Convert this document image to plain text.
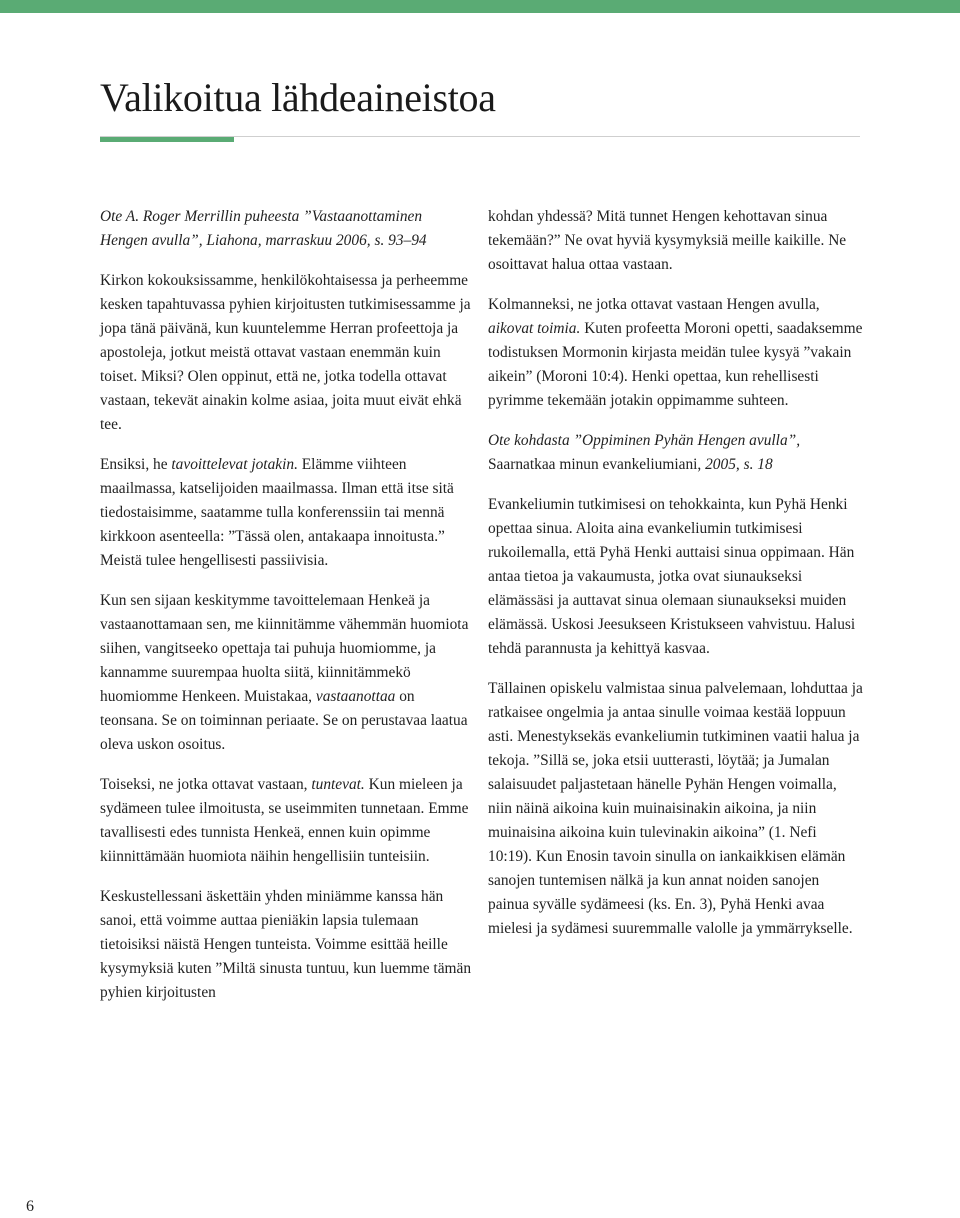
Valikoitua lähdeaineistoa

Ote A. Roger Merrillin puheesta ”Vastaanottaminen Hengen avulla”, Liahona, marraskuu 2006, s. 93–94

Kirkon kokouksissamme, henkilökohtaisessa ja perheemme kesken tapahtuvassa pyhien kirjoitusten tutkimisessamme ja jopa tänä päivänä, kun kuuntelemme Herran profeettoja ja apostoleja, jotkut meistä ottavat vastaan enemmän kuin toiset. Miksi? Olen oppinut, että ne, jotka todella ottavat vastaan, tekevät ainakin kolme asiaa, joita muut eivät ehkä tee.

Ensiksi, he tavoittelevat jotakin. Elämme viihteen maailmassa, katselijoiden maailmassa. Ilman että itse sitä tiedostaisimme, saatamme tulla konferenssiin tai mennä kirkkoon asenteella: ”Tässä olen, antakaapa innoitusta.” Meistä tulee hengellisesti passiivisia.

Kun sen sijaan keskitymme tavoittelemaan Henkeä ja vastaanottamaan sen, me kiinnitämme vähemmän huomiota siihen, vangitseeko opettaja tai puhuja huomiomme, ja kannamme suurempaa huolta siitä, kiinnitämmekö huomiomme Henkeen. Muistakaa, vastaanottaa on teonsana. Se on toiminnan periaate. Se on perustavaa laatua oleva uskon osoitus.

Toiseksi, ne jotka ottavat vastaan, tuntevat. Kun mieleen ja sydämeen tulee ilmoitusta, se useimmiten tunnetaan. Emme tavallisesti edes tunnista Henkeä, ennen kuin opimme kiinnittämään huomiota näihin hengellisiin tunteisiin.

Keskustellessani äskettäin yhden miniämme kanssa hän sanoi, että voimme auttaa pieniäkin lapsia tulemaan tietoisiksi näistä Hengen tunteista. Voimme esittää heille kysymyksiä kuten ”Miltä sinusta tuntuu, kun luemme tämän pyhien kirjoitusten

kohdan yhdessä? Mitä tunnet Hengen kehottavan sinua tekemään?” Ne ovat hyviä kysymyksiä meille kaikille. Ne osoittavat halua ottaa vastaan.

Kolmanneksi, ne jotka ottavat vastaan Hengen avulla, aikovat toimia. Kuten profeetta Moroni opetti, saadaksemme todistuksen Mormonin kirjasta meidän tulee kysyä ”vakain aikein” (Moroni 10:4). Henki opettaa, kun rehellisesti pyrimme tekemään jotakin oppimamme suhteen.

Ote kohdasta ”Oppiminen Pyhän Hengen avulla”, Saarnatkaa minun evankeliumiani, 2005, s. 18

Evankeliumin tutkimisesi on tehokkainta, kun Pyhä Henki opettaa sinua. Aloita aina evankeliumin tutkimisesi rukoilemalla, että Pyhä Henki auttaisi sinua oppimaan. Hän antaa tietoa ja vakaumusta, jotka ovat siunaukseksi elämässäsi ja auttavat sinua olemaan siunaukseksi muiden elämässä. Uskosi Jeesukseen Kristukseen vahvistuu. Halusi tehdä parannusta ja kehittyä kasvaa.

Tällainen opiskelu valmistaa sinua palvelemaan, lohduttaa ja ratkaisee ongelmia ja antaa sinulle voimaa kestää loppuun asti. Menestyksekäs evankeliumin tutkiminen vaatii halua ja tekoja. ”Sillä se, joka etsii uutterasti, löytää; ja Jumalan salaisuudet paljastetaan hänelle Pyhän Hengen voimalla, niin näinä aikoina kuin muinaisinakin aikoina, ja niin muinaisina aikoina kuin tulevinakin aikoina” (1. Nefi 10:19). Kun Enosin tavoin sinulla on iankaikkisen elämän sanojen tuntemisen nälkä ja kun annat noiden sanojen painua syvälle sydämeesi (ks. En. 3), Pyhä Henki avaa mielesi ja sydämesi suuremmalle valolle ja ymmärrykselle.

6
